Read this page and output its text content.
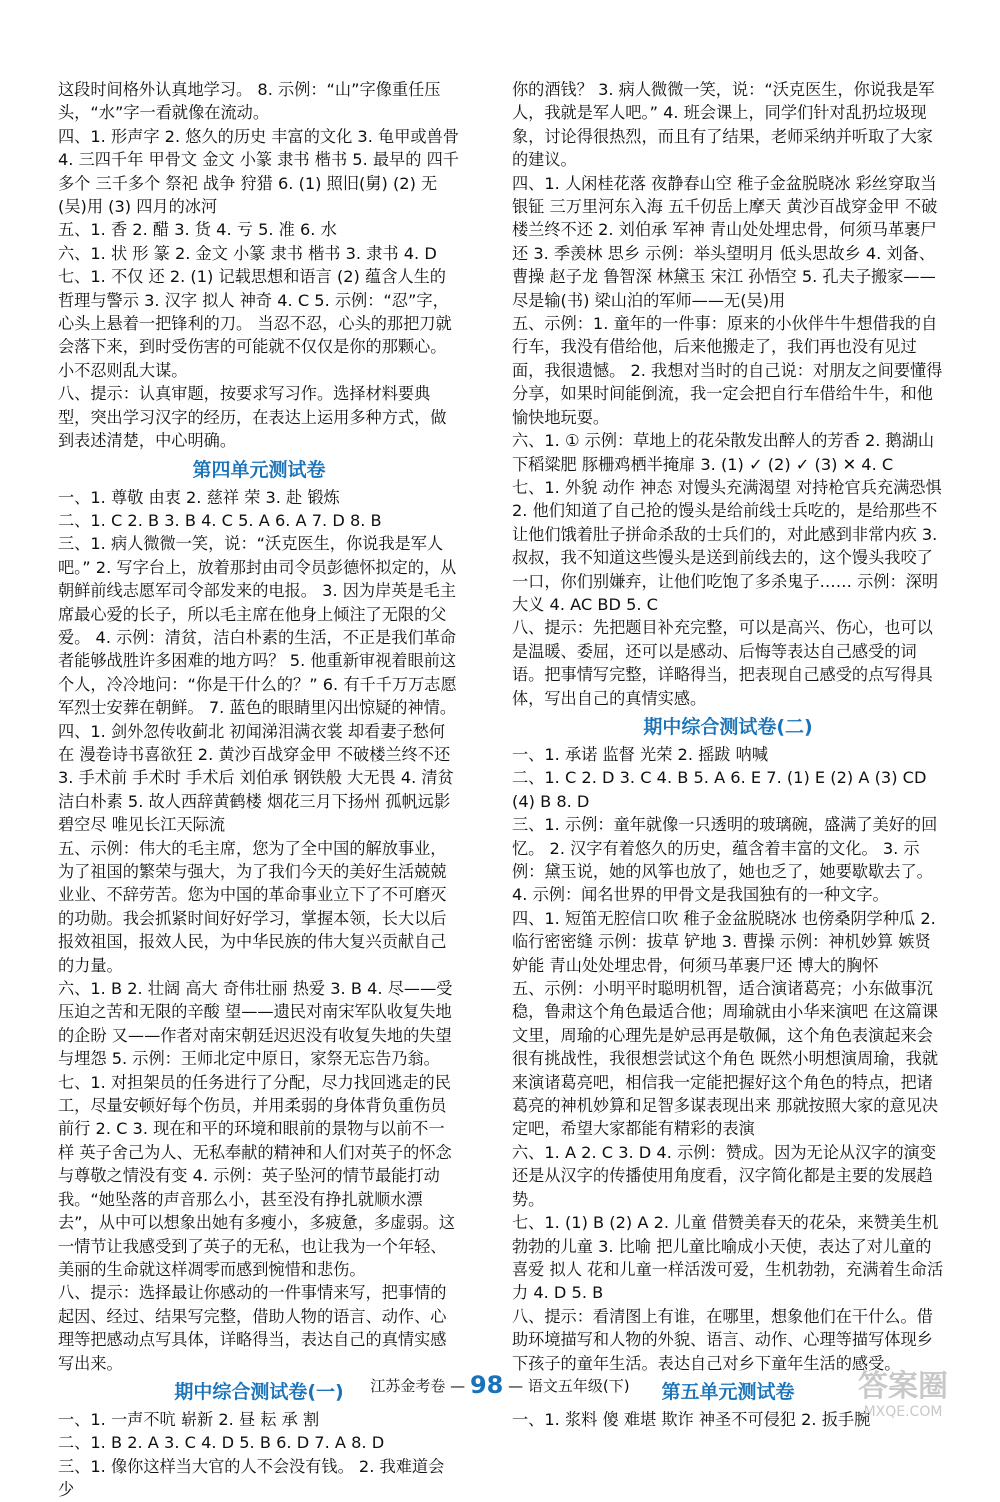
这段时间格外认真地学习。 8. 示例：“山”字像重任压头，“水”字一看就像在流动。

四、1. 形声字 2. 悠久的历史 丰富的文化 3. 龟甲或兽骨 4. 三四千年 甲骨文 金文 小篆 隶书 楷书 5. 最早的 四千多个 三千多个 祭祀 战争 狩猎 6. (1) 照旧(舅) (2) 无(吴)用 (3) 四月的冰河

五、1. 香 2. 醋 3. 货 4. 亏 5. 准 6. 水

六、1. 状 形 篆 2. 金文 小篆 隶书 楷书 3. 隶书 4. D

七、1. 不仅 还 2. (1) 记载思想和语言 (2) 蕴含人生的哲理与警示 3. 汉字 拟人 神奇 4. C 5. 示例：“忍”字，心头上悬着一把锋利的刀。 当忍不忍，心头的那把刀就会落下来，到时受伤害的可能就不仅仅是你的那颗心。小不忍则乱大谋。

八、提示：认真审题，按要求写习作。选择材料要典型，突出学习汉字的经历，在表达上运用多种方式，做到表述清楚，中心明确。

第四单元测试卷

一、1. 尊敬 由衷 2. 慈祥 荣 3. 赴 锻炼

二、1. C 2. B 3. B 4. C 5. A 6. A 7. D 8. B

三、1. 病人微微一笑，说：“沃克医生，你说我是军人吧。” 2. 写字台上，放着那封由司令员彭德怀拟定的，从朝鲜前线志愿军司令部发来的电报。 3. 因为岸英是毛主席最心爱的长子，所以毛主席在他身上倾注了无限的父爱。 4. 示例：清贫，洁白朴素的生活，不正是我们革命者能够战胜许多困难的地方吗？ 5. 他重新审视着眼前这个人，冷冷地问：“你是干什么的？” 6. 有千千万万志愿军烈士安葬在朝鲜。 7. 蓝色的眼睛里闪出惊疑的神情。

四、1. 剑外忽传收蓟北 初闻涕泪满衣裳 却看妻子愁何在 漫卷诗书喜欲狂 2. 黄沙百战穿金甲 不破楼兰终不还 3. 手术前 手术时 手术后 刘伯承 钢铁般 大无畏 4. 清贫 洁白朴素 5. 故人西辞黄鹤楼 烟花三月下扬州 孤帆远影碧空尽 唯见长江天际流

五、示例：伟大的毛主席，您为了全中国的解放事业，为了祖国的繁荣与强大，为了我们今天的美好生活兢兢业业、不辞劳苦。您为中国的革命事业立下了不可磨灭的功勋。我会抓紧时间好好学习，掌握本领，长大以后报效祖国，报效人民，为中华民族的伟大复兴贡献自己的力量。

六、1. B 2. 壮阔 高大 奇伟壮丽 热爱 3. B 4. 尽——受压迫之苦和无限的辛酸 望——遗民对南宋军队收复失地的企盼 又——作者对南宋朝廷迟迟没有收复失地的失望与埋怨 5. 示例：王师北定中原日，家祭无忘告乃翁。

七、1. 对担架员的任务进行了分配，尽力找回逃走的民工，尽量安顿好每个伤员，并用柔弱的身体背负重伤员前行 2. C 3. 现在和平的环境和眼前的景物与以前不一样 英子舍己为人、无私奉献的精神和人们对英子的怀念与尊敬之情没有变 4. 示例：英子坠河的情节最能打动我。“她坠落的声音那么小，甚至没有挣扎就顺水漂去”，从中可以想象出她有多瘦小，多疲惫，多虚弱。这一情节让我感受到了英子的无私，也让我为一个年轻、美丽的生命就这样凋零而感到惋惜和悲伤。

八、提示：选择最让你感动的一件事情来写，把事情的起因、经过、结果写完整，借助人物的语言、动作、心理等把感动点写具体，详略得当，表达自己的真情实感写出来。

期中综合测试卷(一)

一、1. 一声不吭 崭新 2. 昼 耘 承 割

二、1. B 2. A 3. C 4. D 5. B 6. D 7. A 8. D

三、1. 像你这样当大官的人不会没有钱。 2. 我难道会少

你的酒钱？ 3. 病人微微一笑，说：“沃克医生，你说我是军人，我就是军人吧。” 4. 班会课上，同学们针对乱扔垃圾现象，讨论得很热烈，而且有了结果，老师采纳并听取了大家的建议。

四、1. 人闲桂花落 夜静春山空 稚子金盆脱晓冰 彩丝穿取当银钲 三万里河东入海 五千仞岳上摩天 黄沙百战穿金甲 不破楼兰终不还 2. 刘伯承 军神 青山处处埋忠骨，何须马革裹尸还 3. 季羡林 思乡 示例：举头望明月 低头思故乡 4. 刘备、曹操 赵子龙 鲁智深 林黛玉 宋江 孙悟空 5. 孔夫子搬家——尽是输(书) 梁山泊的军师——无(吴)用

五、示例：1. 童年的一件事：原来的小伙伴牛牛想借我的自行车，我没有借给他，后来他搬走了，我们再也没有见过面，我很遗憾。 2. 我想对当时的自己说：对朋友之间要懂得分享，如果时间能倒流，我一定会把自行车借给牛牛，和他愉快地玩耍。

六、1. ① 示例：草地上的花朵散发出醉人的芳香 2. 鹅湖山下稻粱肥 豚栅鸡栖半掩扉 3. (1) ✓ (2) ✓ (3) ✕ 4. C

七、1. 外貌 动作 神态 对馒头充满渴望 对持枪官兵充满恐惧 2. 他们知道了自己抢的馒头是给前线士兵吃的，是给那些不让他们饿着肚子拼命杀敌的士兵们的，对此感到非常内疚 3. 叔叔，我不知道这些馒头是送到前线去的，这个馒头我咬了一口，你们别嫌弃，让他们吃饱了多杀鬼子…… 示例：深明大义 4. AC BD 5. C

八、提示：先把题目补充完整，可以是高兴、伤心，也可以是温暖、委屈，还可以是感动、后悔等表达自己感受的词语。把事情写完整，详略得当，把表现自己感受的点写得具体，写出自己的真情实感。

期中综合测试卷(二)

一、1. 承诺 监督 光荣 2. 摇跋 呐喊

二、1. C 2. D 3. C 4. B 5. A 6. E 7. (1) E (2) A (3) CD (4) B 8. D

三、1. 示例：童年就像一只透明的玻璃碗，盛满了美好的回忆。 2. 汉字有着悠久的历史，蕴含着丰富的文化。 3. 示例：黛玉说，她的风筝也放了，她也乏了，她要歇歇去了。 4. 示例：闻名世界的甲骨文是我国独有的一种文字。

四、1. 短笛无腔信口吹 稚子金盆脱晓冰 也傍桑阴学种瓜 2. 临行密密缝 示例：拔草 铲地 3. 曹操 示例：神机妙算 嫉贤妒能 青山处处埋忠骨，何须马革裹尸还 博大的胸怀

五、示例：小明平时聪明机智，适合演诸葛亮；小东做事沉稳，鲁肃这个角色最适合他；周瑜就由小华来演吧 在这篇课文里，周瑜的心理先是妒忌再是敬佩，这个角色表演起来会很有挑战性，我很想尝试这个角色 既然小明想演周瑜，我就来演诸葛亮吧，相信我一定能把握好这个角色的特点，把诸葛亮的神机妙算和足智多谋表现出来 那就按照大家的意见决定吧，希望大家都能有精彩的表演

六、1. A 2. C 3. D 4. 示例：赞成。因为无论从汉字的演变还是从汉字的传播使用角度看，汉字简化都是主要的发展趋势。

七、1. (1) B (2) A 2. 儿童 借赞美春天的花朵，来赞美生机勃勃的儿童 3. 比喻 把儿童比喻成小天使，表达了对儿童的喜爱 拟人 花和儿童一样活泼可爱，生机勃勃，充满着生命活力 4. D 5. B

八、提示：看清图上有谁，在哪里，想象他们在干什么。借助环境描写和人物的外貌、语言、动作、心理等描写体现乡下孩子的童年生活。表达自己对乡下童年生活的感受。

第五单元测试卷

一、1. 浆料 傻 难堪 欺诈 神圣不可侵犯 2. 扳手腕

江苏金考卷 — 98 — 语文五年级(下)	答案圈
MXQE.COM
